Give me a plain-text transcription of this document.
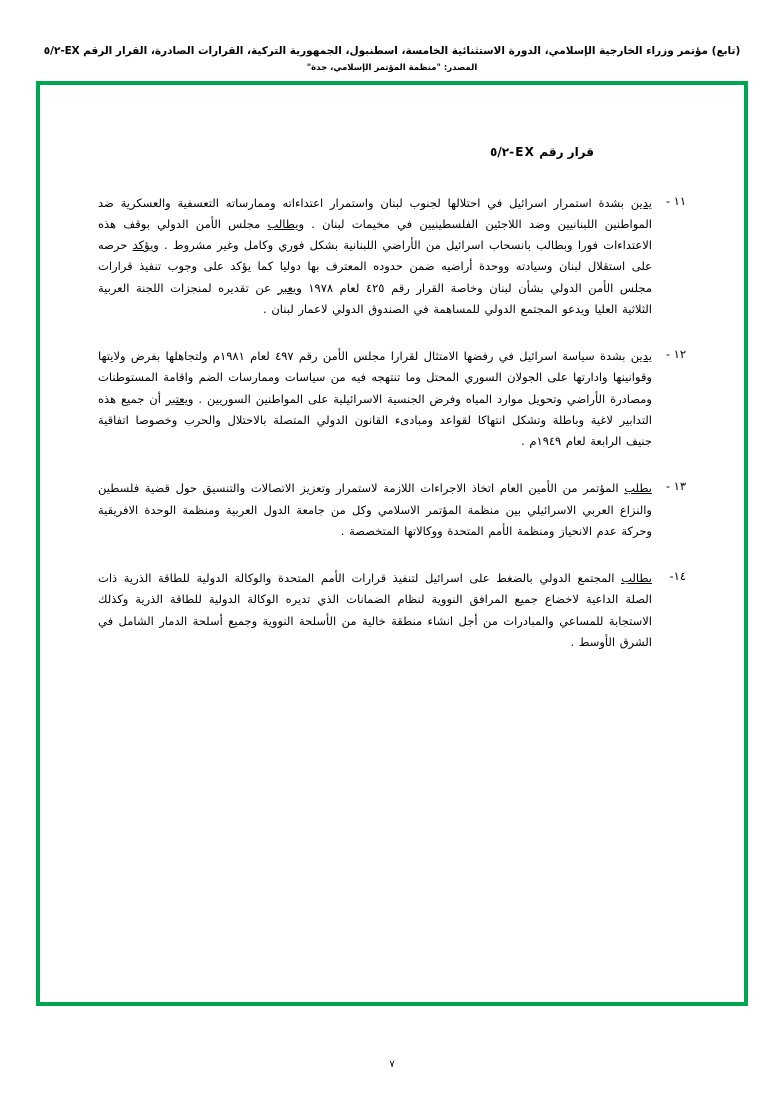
(تابع) مؤتمر وزراء الخارجية الإسلامي، الدورة الاستثنائية الخامسة، اسطنبول، الجمهورية التركية، القرارات الصادرة، القرار الرقم EX-٥/٢
المصدر: "منظمة المؤتمر الإسلامي، جدة"
قرار رقم EX-٥/٢
١١ -
يدين بشدة استمرار اسرائيل في احتلالها لجنوب لبنان واستمرار اعتداءاته وممارساته التعسفية والعسكرية ضد المواطنين اللبنانيين وضد اللاجئين الفلسطينيين في مخيمات لبنان . ويطالب مجلس الأمن الدولي بوقف هذه الاعتداءات فورا وبطالب بانسحاب اسرائيل من الأراضي اللبنانية بشكل فوري وكامل وغير مشروط . ويؤكد حرصه على استقلال لبنان وسيادته ووحدة أراضيه ضمن حدوده المعترف بها دوليا كما يؤكد على وجوب تنفيذ قرارات مجلس الأمن الدولي بشأن لبنان وخاصة القرار رقم ٤٢٥ لعام ١٩٧٨ ويعبر عن تقديره لمنجزات اللجنة العربية الثلاثية العليا ويدعو المجتمع الدولي للمساهمة في الصندوق الدولي لاعمار لبنان .
١٢ -
يدين بشدة سياسة اسرائيل في رفضها الامتثال لقرارا مجلس الأمن رقم ٤٩٧ لعام ١٩٨١م ولتجاهلها بفرض ولايتها وقوانينها وادارتها على الجولان السوري المحتل وما تنتهجه فيه من سياسات وممارسات الضم واقامة المستوطنات ومصادرة الأراضي وتحويل موارد المياه وفرض الجنسية الاسرائيلية على المواطنين السوريين . ويعتبر أن جميع هذه التدابير لاغية وباطلة وتشكل انتهاكا لقواعد ومبادىء القانون الدولي المتصلة بالاحتلال والحرب وخصوصا اتفاقية جنيف الرابعة لعام ١٩٤٩م .
١٣ -
يطلب المؤتمر من الأمين العام اتخاذ الاجراءات اللازمة لاستمرار وتعزيز الاتصالات والتنسيق حول قضية فلسطين والنزاع العربي الاسرائيلي بين منظمة المؤتمر الاسلامي وكل من جامعة الدول العربية ومنظمة الوحدة الافريقية وحركة عدم الانحياز ومنظمة الأمم المتحدة ووكالاتها المتخصصة .
١٤-
يطالب المجتمع الدولي بالضغط على اسرائيل لتنفيذ قرارات الأمم المتحدة والوكالة الدولية للطاقة الذرية ذات الصلة الداعية لاخضاع جميع المرافق النووية لنظام الضمانات الذي تديره الوكالة الدولية للطاقة الذرية وكذلك الاستجابة للمساعي والمبادرات من أجل انشاء منطقة خالية من الأسلحة النووية وجميع أسلحة الدمار الشامل في الشرق الأوسط .
٧
